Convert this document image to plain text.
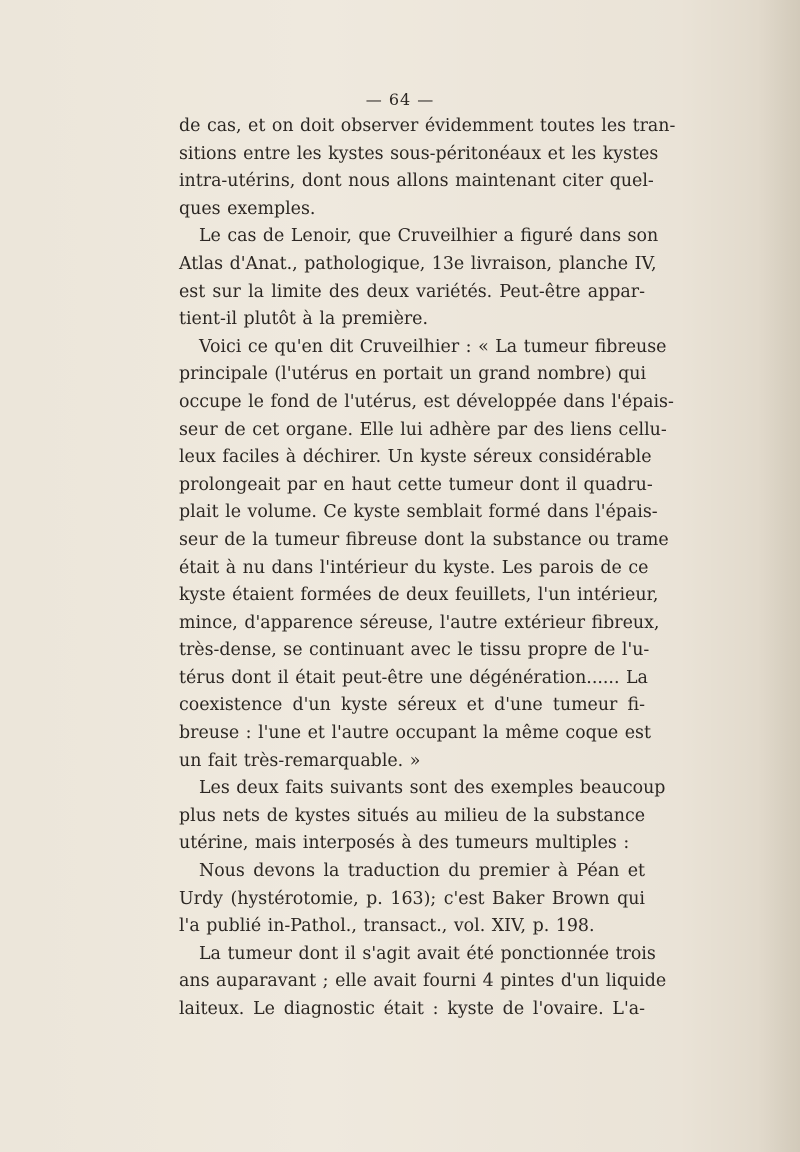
— 64 —
de cas, et on doit observer évidemment toutes les tran-
sitions entre les kystes sous-péritonéaux et les kystes
intra-utérins, dont nous allons maintenant citer quel-
ques exemples.
Le cas de Lenoir, que Cruveilhier a figuré dans son
Atlas d'Anat., pathologique, 13e livraison, planche IV,
est sur la limite des deux variétés. Peut-être appar-
tient-il plutôt à la première.
Voici ce qu'en dit Cruveilhier : « La tumeur fibreuse
principale (l'utérus en portait un grand nombre) qui
occupe le fond de l'utérus, est développée dans l'épais-
seur de cet organe. Elle lui adhère par des liens cellu-
leux faciles à déchirer. Un kyste séreux considérable
prolongeait par en haut cette tumeur dont il quadru-
plait le volume. Ce kyste semblait formé dans l'épais-
seur de la tumeur fibreuse dont la substance ou trame
était à nu dans l'intérieur du kyste. Les parois de ce
kyste étaient formées de deux feuillets, l'un intérieur,
mince, d'apparence séreuse, l'autre extérieur fibreux,
très-dense, se continuant avec le tissu propre de l'u-
térus dont il était peut-être une dégénération...... La
coexistence d'un kyste séreux et d'une tumeur fi-
breuse : l'une et l'autre occupant la même coque est
un fait très-remarquable. »
Les deux faits suivants sont des exemples beaucoup
plus nets de kystes situés au milieu de la substance
utérine, mais interposés à des tumeurs multiples :
Nous devons la traduction du premier à Péan et
Urdy (hystérotomie, p. 163); c'est Baker Brown qui
l'a publié in-Pathol., transact., vol. XIV, p. 198.
La tumeur dont il s'agit avait été ponctionnée trois
ans auparavant ; elle avait fourni 4 pintes d'un liquide
laiteux. Le diagnostic était : kyste de l'ovaire. L'a-
